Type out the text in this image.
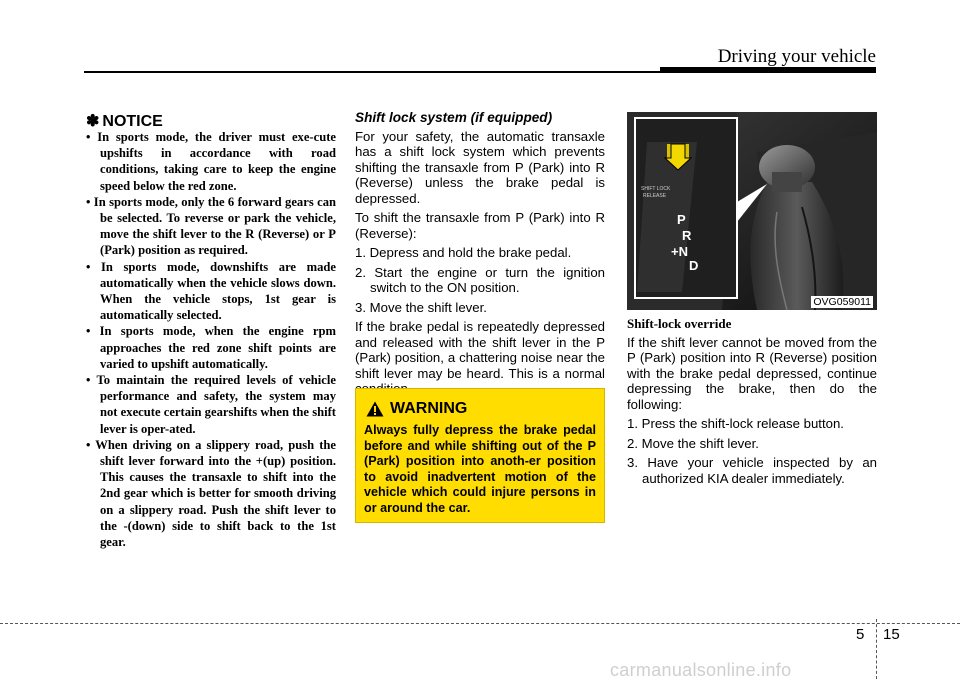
Driving your vehicle
✽ NOTICE
• In sports mode, the driver must exe-cute upshifts in accordance with road conditions, taking care to keep the engine speed below the red zone.
• In sports mode, only the 6 forward gears can be selected. To reverse or park the vehicle, move the shift lever to the R (Reverse) or P (Park) position as required.
• In sports mode, downshifts are made automatically when the vehicle slows down. When the vehicle stops, 1st gear is automatically selected.
• In sports mode, when the engine rpm approaches the red zone shift points are varied to upshift automatically.
• To maintain the required levels of vehicle performance and safety, the system may not execute certain gearshifts when the shift lever is oper-ated.
• When driving on a slippery road, push the shift lever forward into the +(up) position. This causes the transaxle to shift into the 2nd gear which is better for smooth driving on a slippery road. Push the shift lever to the -(down) side to shift back to the 1st gear.
Shift lock system (if equipped)

For your safety, the automatic transaxle has a shift lock system which prevents shifting the transaxle from P (Park) into R (Reverse) unless the brake pedal is depressed.

To shift the transaxle from P (Park) into R (Reverse):

1. Depress and hold the brake pedal.
2. Start the engine or turn the ignition switch to the ON position.
3. Move the shift lever.

If the brake pedal is repeatedly depressed and released with the shift lever in the P (Park) position, a chattering noise near the shift lever may be heard. This is a normal

WARNING
Always fully depress the brake pedal before and while shifting out of the P (Park) position into anoth-er position to avoid inadvertent motion of the vehicle which could injure persons in or around the car.
SHIFT LOCK
RELEASE
P
R
+N
D
OVG059011
Shift-lock override

If the shift lever cannot be moved from the P (Park) position into R (Reverse) position with the brake pedal depressed, continue depressing the brake, then do the following:

1. Press the shift-lock release button.
2. Move the shift lever.
3. Have your vehicle inspected by an authorized KIA dealer immediately.
5 15
carmanualsonline.info
